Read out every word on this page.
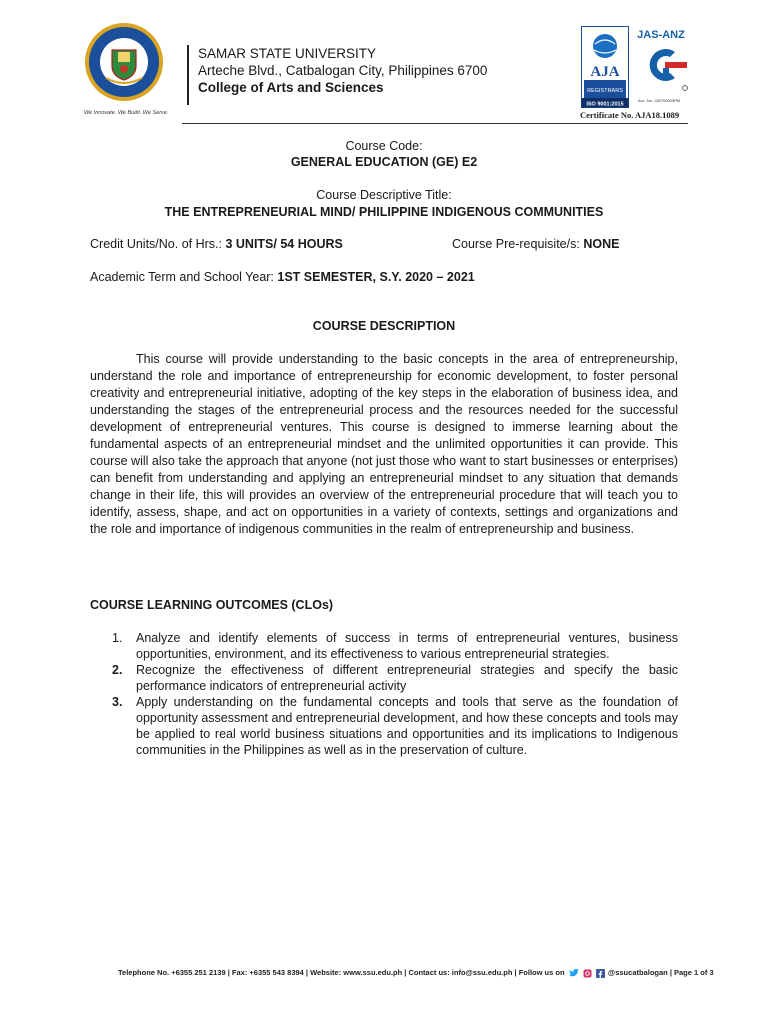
We Innovate. We Build. We Serve.
SAMAR STATE UNIVERSITY
Arteche Blvd., Catbalogan City, Philippines 6700
College of Arts and Sciences
AJA
REGISTRARS
ISO 9001:2015
JAS-ANZ
Acc. No.: M2700003PM
Certificate No. AJA18.1089
Course Code:
GENERAL EDUCATION (GE) E2
Course Descriptive Title:
THE ENTREPRENEURIAL MIND/ PHILIPPINE INDIGENOUS COMMUNITIES
Credit Units/No. of Hrs.: 3 UNITS/ 54 HOURS	Course Pre-requisite/s: NONE
Academic Term and School Year: 1ST SEMESTER, S.Y. 2020 – 2021
COURSE DESCRIPTION
This course will provide understanding to the basic concepts in the area of entrepreneurship, understand the role and importance of entrepreneurship for economic development, to foster personal creativity and entrepreneurial initiative, adopting of the key steps in the elaboration of business idea, and understanding the stages of the entrepreneurial process and the resources needed for the successful development of entrepreneurial ventures. This course is designed to immerse learning about the fundamental aspects of an entrepreneurial mindset and the unlimited opportunities it can provide. This course will also take the approach that anyone (not just those who want to start businesses or enterprises) can benefit from understanding and applying an entrepreneurial mindset to any situation that demands change in their life, this will provides an overview of the entrepreneurial procedure that will teach you to identify, assess, shape, and act on opportunities in a variety of contexts, settings and organizations and the role and importance of indigenous communities in the realm of entrepreneurship and business.
COURSE LEARNING OUTCOMES (CLOs)
1. Analyze and identify elements of success in terms of entrepreneurial ventures, business opportunities, environment, and its effectiveness to various entrepreneurial strategies.
2. Recognize the effectiveness of different entrepreneurial strategies and specify the basic performance indicators of entrepreneurial activity
3. Apply understanding on the fundamental concepts and tools that serve as the foundation of opportunity assessment and entrepreneurial development, and how these concepts and tools may be applied to real world business situations and opportunities and its implications to Indigenous communities in the Philippines as well as in the preservation of culture.
Telephone No. +6355 251 2139 | Fax: +6355 543 8394 | Website: www.ssu.edu.ph | Contact us: info@ssu.edu.ph | Follow us on	@ssucatbalogan | Page 1 of 3
